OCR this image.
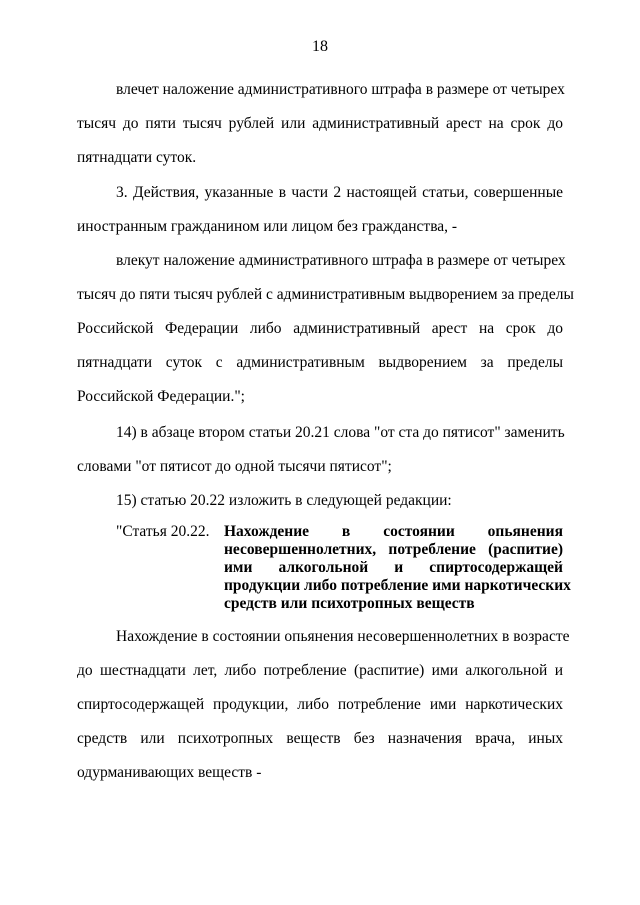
18
влечет наложение административного штрафа в размере от четырех
тысяч до пяти тысяч рублей или административный арест на срок до
пятнадцати суток.
3. Действия, указанные в части 2 настоящей статьи, совершенные
иностранным гражданином или лицом без гражданства, -
влекут наложение административного штрафа в размере от четырех
тысяч до пяти тысяч рублей с административным выдворением за пределы
Российской Федерации либо административный арест на срок до
пятнадцати суток с административным выдворением за пределы
Российской Федерации.";
14) в абзаце втором статьи 20.21 слова "от ста до пятисот" заменить
словами "от пятисот до одной тысячи пятисот";
15) статью 20.22 изложить в следующей редакции:
"Статья 20.22. Нахождение в состоянии опьянения
несовершеннолетних, потребление (распитие)
ими алкогольной и спиртосодержащей
продукции либо потребление ими наркотических
средств или психотропных веществ
Нахождение в состоянии опьянения несовершеннолетних в возрасте
до шестнадцати лет, либо потребление (распитие) ими алкогольной и
спиртосодержащей продукции, либо потребление ими наркотических
средств или психотропных веществ без назначения врача, иных
одурманивающих веществ -
